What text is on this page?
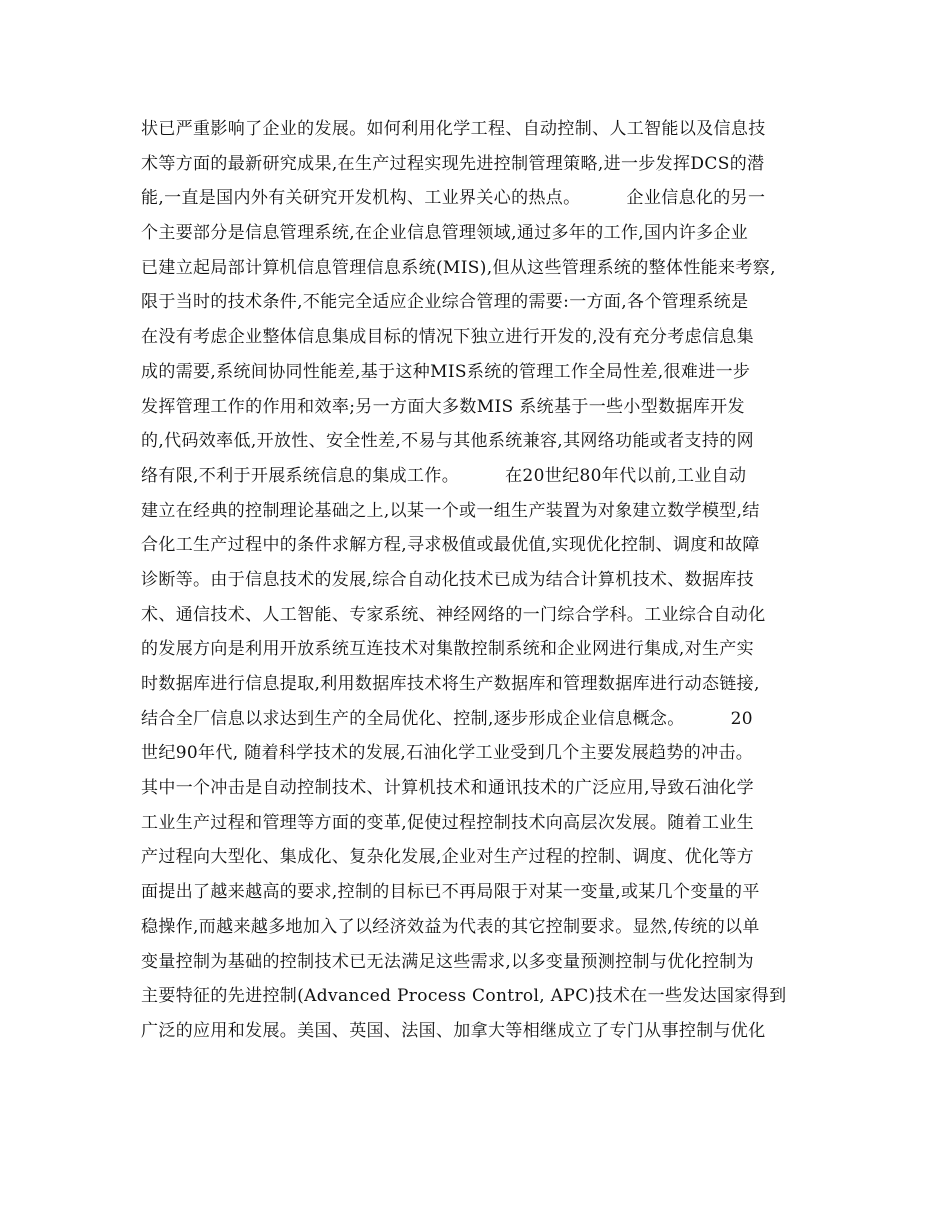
状已严重影响了企业的发展。如何利用化学工程、自动控制、人工智能以及信息技
术等方面的最新研究成果,在生产过程实现先进控制管理策略,进一步发挥DCS的潜
能,一直是国内外有关研究开发机构、工业界关心的热点。        企业信息化的另一
个主要部分是信息管理系统,在企业信息管理领域,通过多年的工作,国内许多企业
已建立起局部计算机信息管理信息系统(MIS),但从这些管理系统的整体性能来考察,
限于当时的技术条件,不能完全适应企业综合管理的需要:一方面,各个管理系统是
在没有考虑企业整体信息集成目标的情况下独立进行开发的,没有充分考虑信息集
成的需要,系统间协同性能差,基于这种MIS系统的管理工作全局性差,很难进一步
发挥管理工作的作用和效率;另一方面大多数MIS 系统基于一些小型数据库开发
的,代码效率低,开放性、安全性差,不易与其他系统兼容,其网络功能或者支持的网
络有限,不利于开展系统信息的集成工作。        在20世纪80年代以前,工业自动
建立在经典的控制理论基础之上,以某一个或一组生产装置为对象建立数学模型,结
合化工生产过程中的条件求解方程,寻求极值或最优值,实现优化控制、调度和故障
诊断等。由于信息技术的发展,综合自动化技术已成为结合计算机技术、数据库技
术、通信技术、人工智能、专家系统、神经网络的一门综合学科。工业综合自动化
的发展方向是利用开放系统互连技术对集散控制系统和企业网进行集成,对生产实
时数据库进行信息提取,利用数据库技术将生产数据库和管理数据库进行动态链接,
结合全厂信息以求达到生产的全局优化、控制,逐步形成企业信息概念。        20
世纪90年代, 随着科学技术的发展,石油化学工业受到几个主要发展趋势的冲击。
其中一个冲击是自动控制技术、计算机技术和通讯技术的广泛应用,导致石油化学
工业生产过程和管理等方面的变革,促使过程控制技术向高层次发展。随着工业生
产过程向大型化、集成化、复杂化发展,企业对生产过程的控制、调度、优化等方
面提出了越来越高的要求,控制的目标已不再局限于对某一变量,或某几个变量的平
稳操作,而越来越多地加入了以经济效益为代表的其它控制要求。显然,传统的以单
变量控制为基础的控制技术已无法满足这些需求,以多变量预测控制与优化控制为
主要特征的先进控制(Advanced Process Control, APC)技术在一些发达国家得到
广泛的应用和发展。美国、英国、法国、加拿大等相继成立了专门从事控制与优化
